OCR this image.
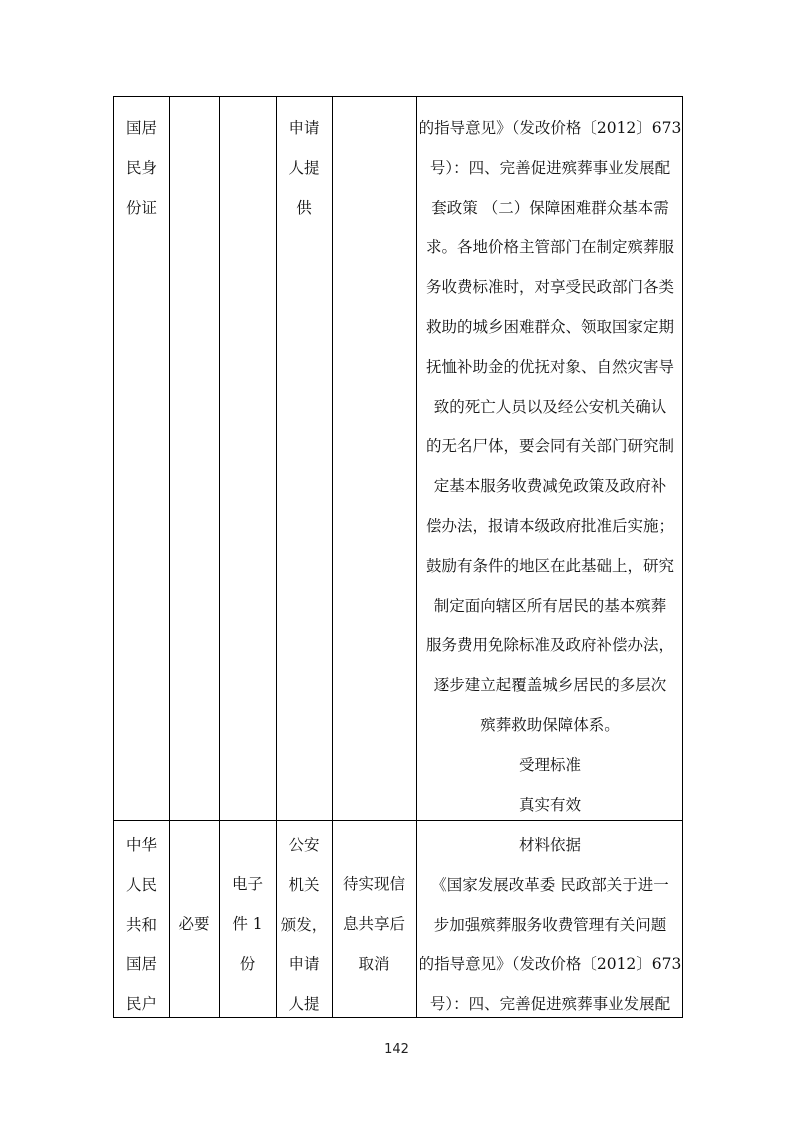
国居
民身
份证
申请
人提
供
的指导意见》（发改价格〔2012〕673
号）：四、完善促进殡葬事业发展配
套政策 （二）保障困难群众基本需
求。各地价格主管部门在制定殡葬服
务收费标准时，对享受民政部门各类
救助的城乡困难群众、领取国家定期
抚恤补助金的优抚对象、自然灾害导
致的死亡人员以及经公安机关确认
的无名尸体，要会同有关部门研究制
定基本服务收费减免政策及政府补
偿办法，报请本级政府批准后实施；
鼓励有条件的地区在此基础上，研究
制定面向辖区所有居民的基本殡葬
服务费用免除标准及政府补偿办法，
逐步建立起覆盖城乡居民的多层次
殡葬救助保障体系。
受理标准
真实有效
中华
人民
共和
国居
民户
必要
电子
件 1
份
公安
机关
颁发，
申请
人提
待实现信
息共享后
取消
材料依据
《国家发展改革委 民政部关于进一
步加强殡葬服务收费管理有关问题
的指导意见》（发改价格〔2012〕673
号）：四、完善促进殡葬事业发展配
142
